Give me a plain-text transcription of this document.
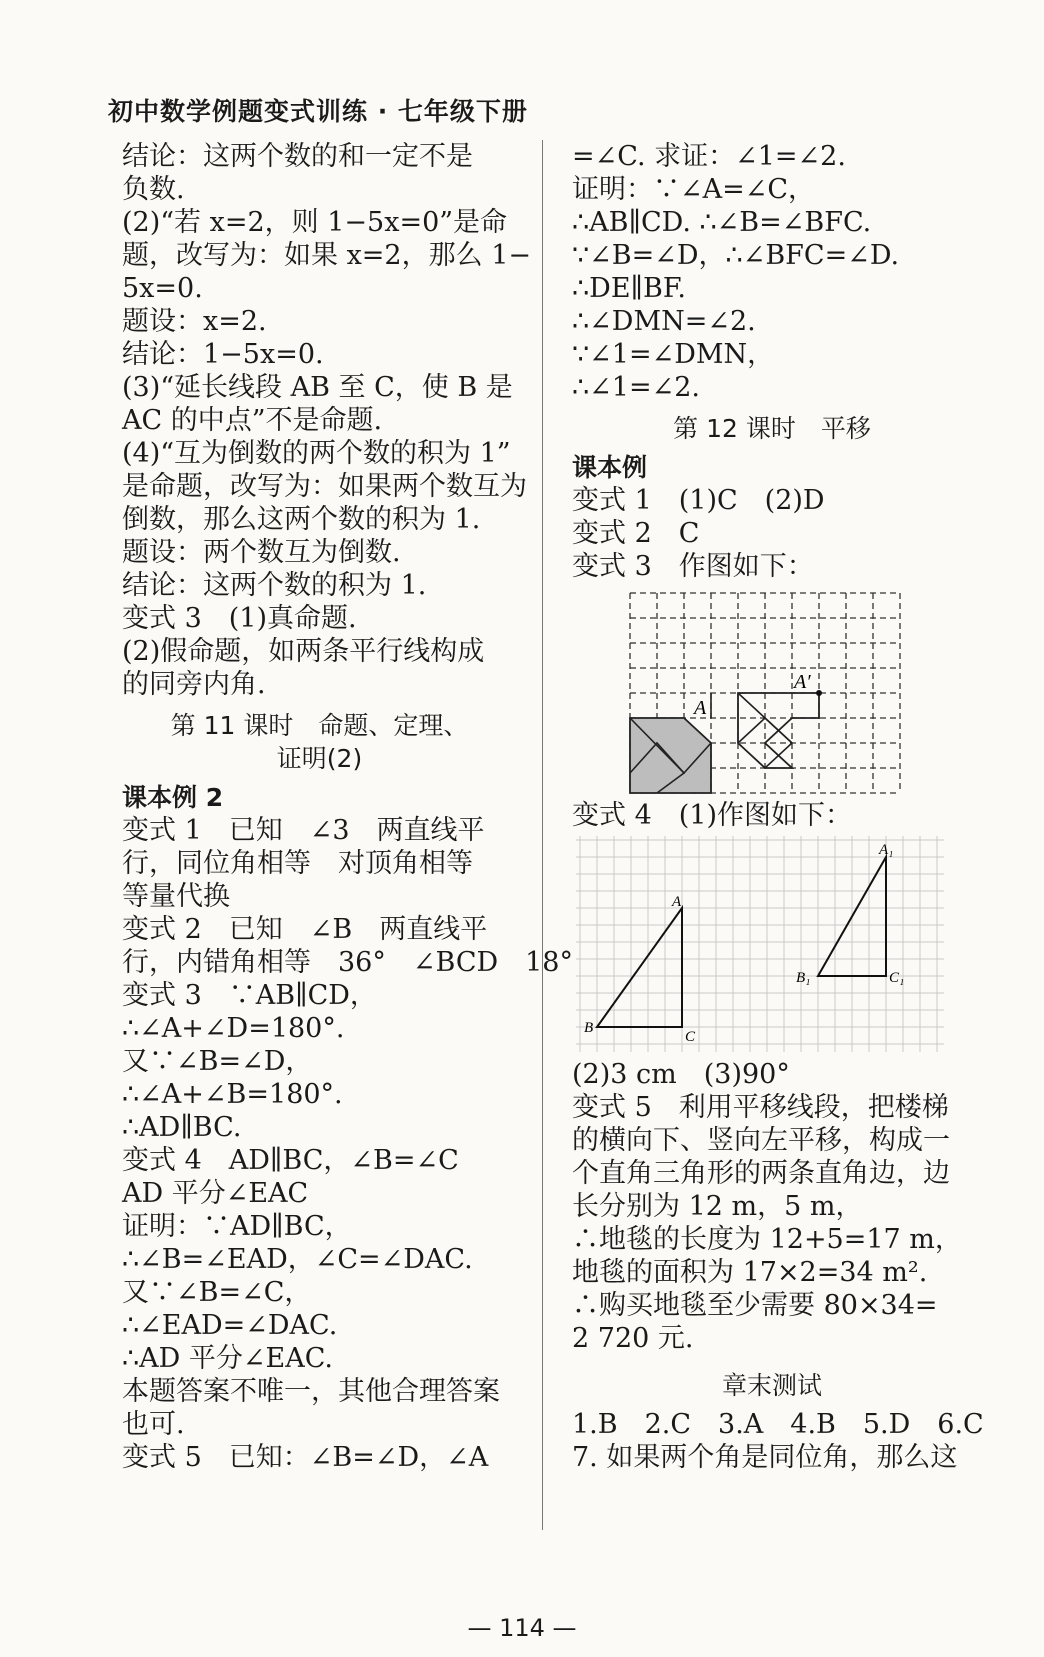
初中数学例题变式训练 · 七年级下册
结论：这两个数的和一定不是
负数.
(2)“若 x=2，则 1−5x=0”是命
题，改写为：如果 x=2，那么 1−
5x=0.
题设：x=2.
结论：1−5x=0.
(3)“延长线段 AB 至 C，使 B 是
AC 的中点”不是命题.
(4)“互为倒数的两个数的积为 1”
是命题，改写为：如果两个数互为
倒数，那么这两个数的积为 1.
题设：两个数互为倒数.
结论：这两个数的积为 1.
变式 3　(1)真命题.
(2)假命题，如两条平行线构成
的同旁内角.
第 11 课时　命题、定理、
证明(2)
课本例 2
变式 1　已知　∠3　两直线平
行，同位角相等　对顶角相等
等量代换
变式 2　已知　∠B　两直线平
行，内错角相等　36°　∠BCD　18°
变式 3　∵AB∥CD，
∴∠A+∠D=180°.
又∵∠B=∠D，
∴∠A+∠B=180°.
∴AD∥BC.
变式 4　AD∥BC，∠B=∠C
AD 平分∠EAC
证明：∵AD∥BC，
∴∠B=∠EAD，∠C=∠DAC.
又∵∠B=∠C，
∴∠EAD=∠DAC.
∴AD 平分∠EAC.
本题答案不唯一，其他合理答案
也可.
变式 5　已知：∠B=∠D，∠A
=∠C. 求证：∠1=∠2.
证明：∵∠A=∠C，
∴AB∥CD. ∴∠B=∠BFC.
∵∠B=∠D，∴∠BFC=∠D.
∴DE∥BF.
∴∠DMN=∠2.
∵∠1=∠DMN，
∴∠1=∠2.
第 12 课时　平移
课本例
变式 1　(1)C　(2)D
变式 2　C
变式 3　作图如下：
A
A′
变式 4　(1)作图如下：
A
B
C
A₁
B₁	C₁
(2)3 cm　(3)90°
变式 5　利用平移线段，把楼梯
的横向下、竖向左平移，构成一
个直角三角形的两条直角边，边
长分别为 12 m，5 m，
∴地毯的长度为 12+5=17 m，
地毯的面积为 17×2=34 m².
∴购买地毯至少需要 80×34=
2 720 元.
章末测试
1.B　2.C　3.A　4.B　5.D　6.C
7. 如果两个角是同位角，那么这
— 114 —
